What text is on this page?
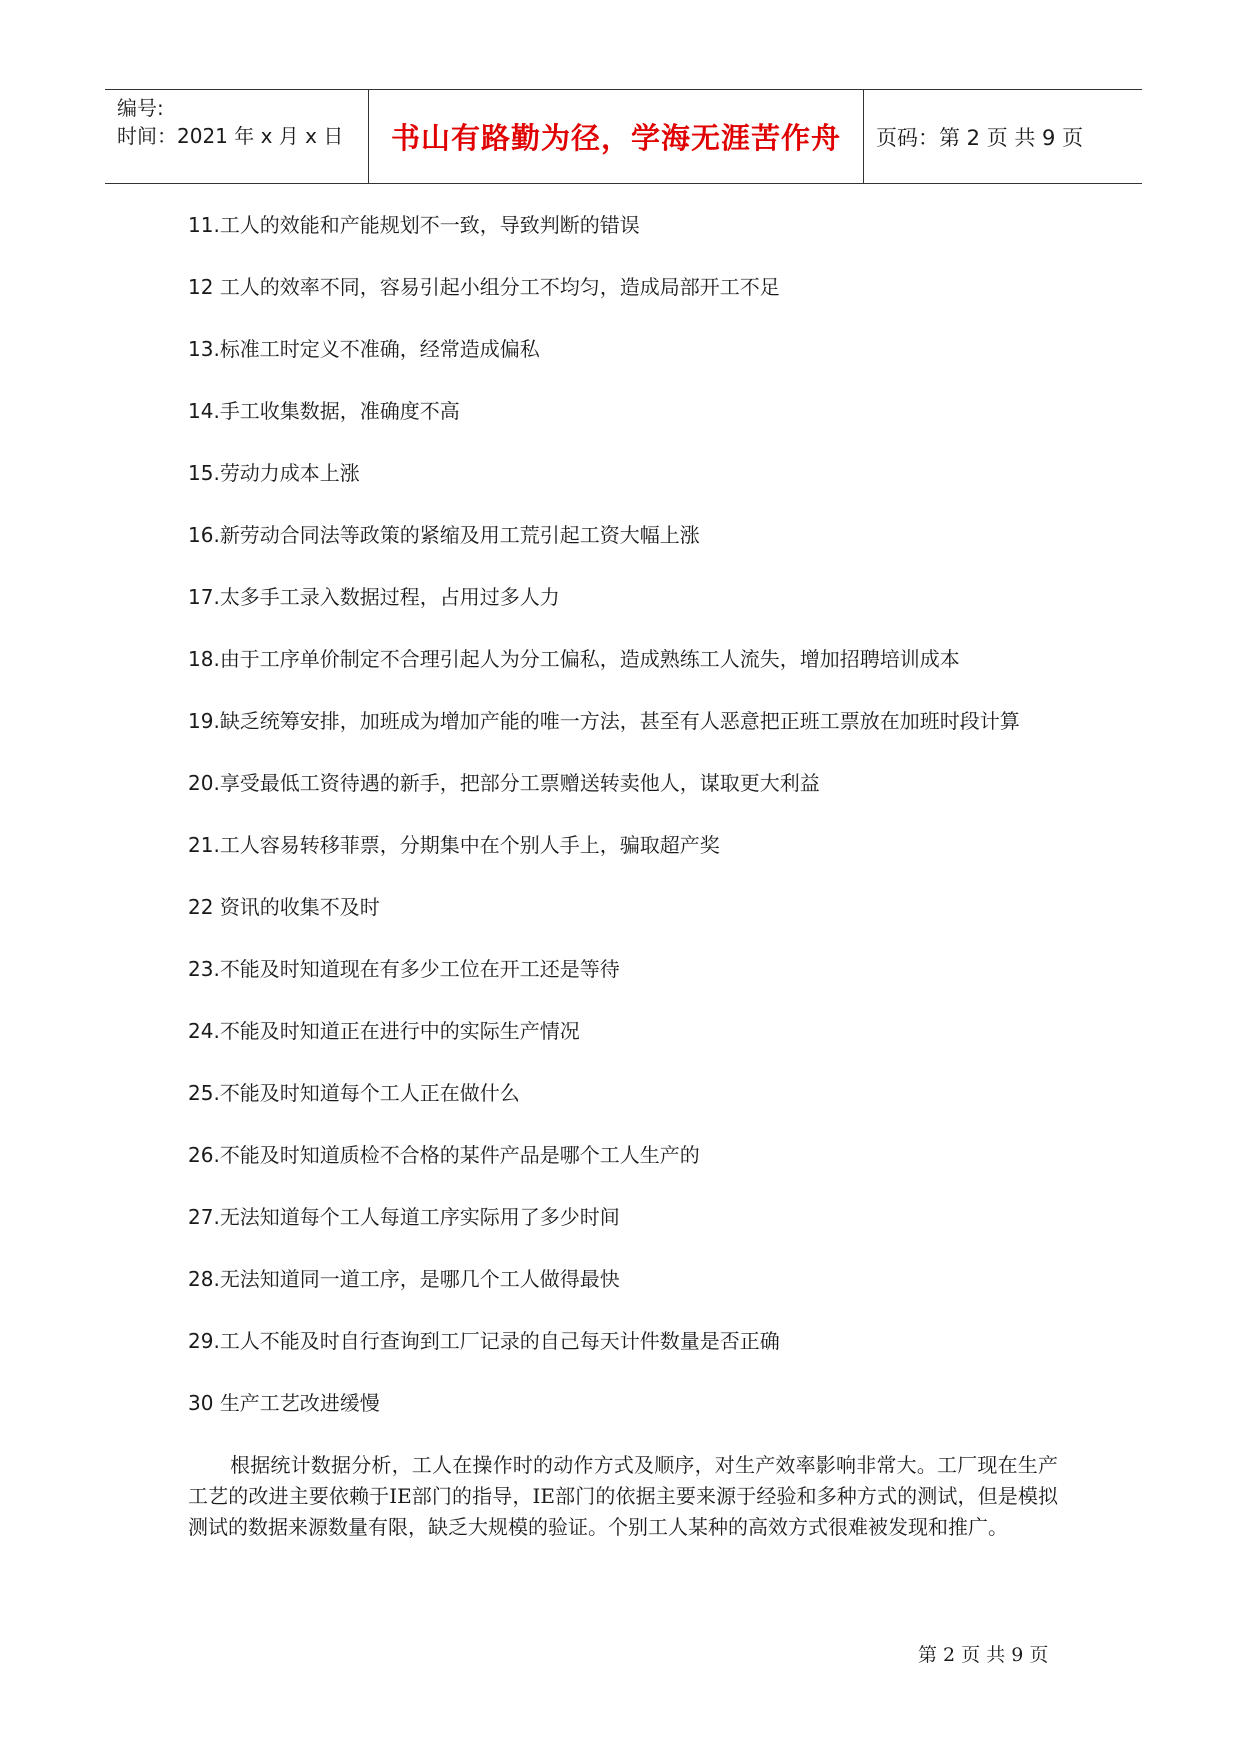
编号:
时间：2021 年 x 月 x 日 书山有路勤为径，学海无涯苦作舟 页码：第 2 页 共 9 页

11.工人的效能和产能规划不一致，导致判断的错误

12 工人的效率不同，容易引起小组分工不均匀，造成局部开工不足

13.标准工时定义不准确，经常造成偏私

14.手工收集数据，准确度不高

15.劳动力成本上涨

16.新劳动合同法等政策的紧缩及用工荒引起工资大幅上涨

17.太多手工录入数据过程，占用过多人力

18.由于工序单价制定不合理引起人为分工偏私，造成熟练工人流失，增加招聘培训成本

19.缺乏统筹安排，加班成为增加产能的唯一方法，甚至有人恶意把正班工票放在加班时段计算

20.享受最低工资待遇的新手，把部分工票赠送转卖他人，谋取更大利益

21.工人容易转移菲票，分期集中在个别人手上，骗取超产奖

22 资讯的收集不及时

23.不能及时知道现在有多少工位在开工还是等待

24.不能及时知道正在进行中的实际生产情况

25.不能及时知道每个工人正在做什么

26.不能及时知道质检不合格的某件产品是哪个工人生产的

27.无法知道每个工人每道工序实际用了多少时间

28.无法知道同一道工序，是哪几个工人做得最快

29.工人不能及时自行查询到工厂记录的自己每天计件数量是否正确

30 生产工艺改进缓慢

根据统计数据分析，工人在操作时的动作方式及顺序，对生产效率影响非常大。工厂现在生产工艺的改进主要依赖于IE部门的指导，IE部门的依据主要来源于经验和多种方式的测试，但是模拟测试的数据来源数量有限，缺乏大规模的验证。个别工人某种的高效方式很难被发现和推广。

第 2 页 共 9 页
